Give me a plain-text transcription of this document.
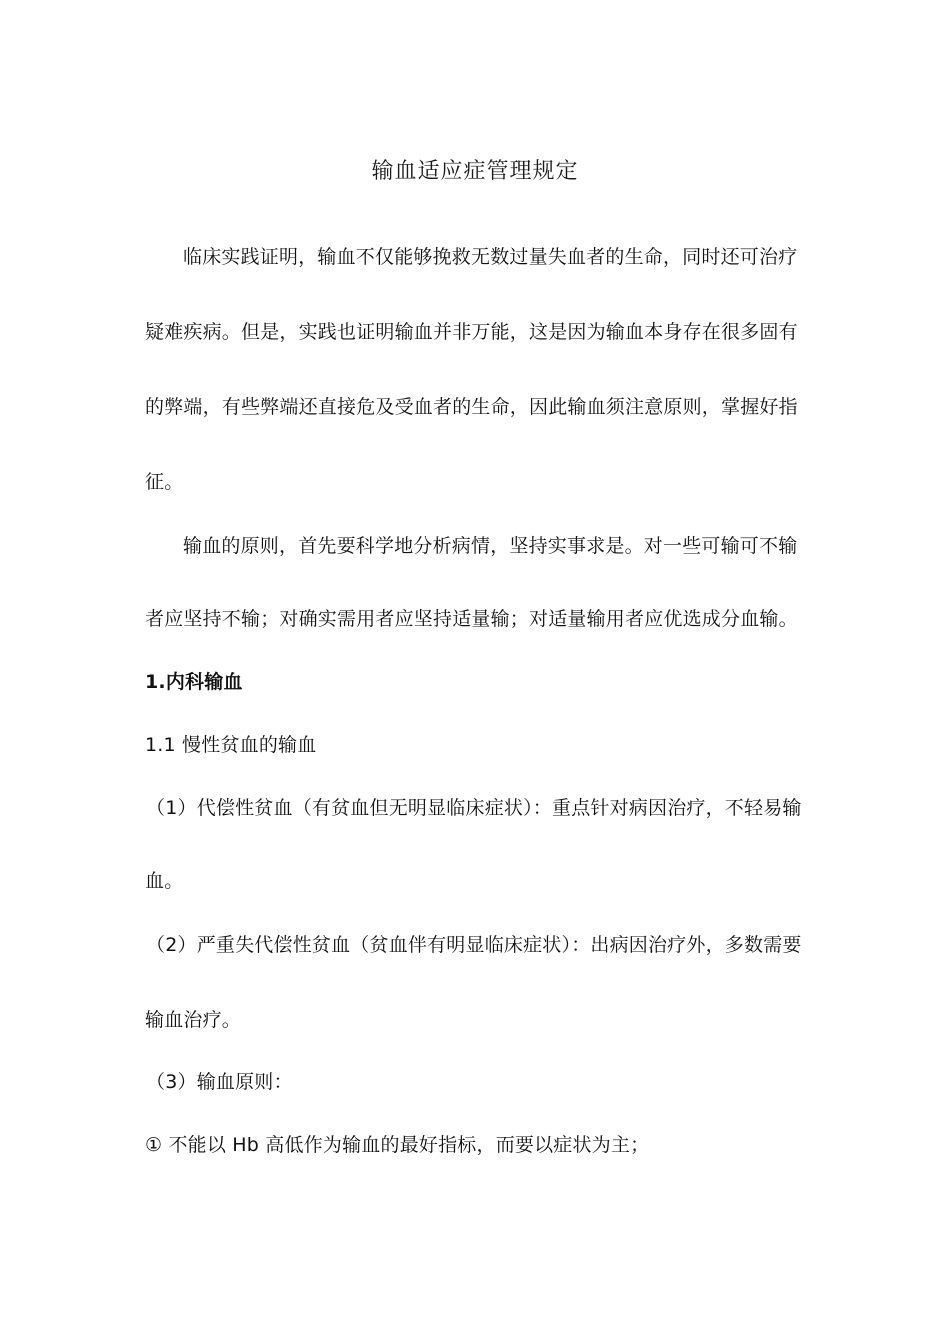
输血适应症管理规定
临床实践证明，输血不仅能够挽救无数过量失血者的生命，同时还可治疗
疑难疾病。但是，实践也证明输血并非万能，这是因为输血本身存在很多固有
的弊端，有些弊端还直接危及受血者的生命，因此输血须注意原则，掌握好指
征。
输血的原则，首先要科学地分析病情，坚持实事求是。对一些可输可不输
者应坚持不输；对确实需用者应坚持适量输；对适量输用者应优选成分血输。
1.内科输血
1.1 慢性贫血的输血
（1）代偿性贫血（有贫血但无明显临床症状）：重点针对病因治疗，不轻易输
血。
（2）严重失代偿性贫血（贫血伴有明显临床症状）：出病因治疗外，多数需要
输血治疗。
（3）输血原则：
① 不能以 Hb 高低作为输血的最好指标，而要以症状为主；
